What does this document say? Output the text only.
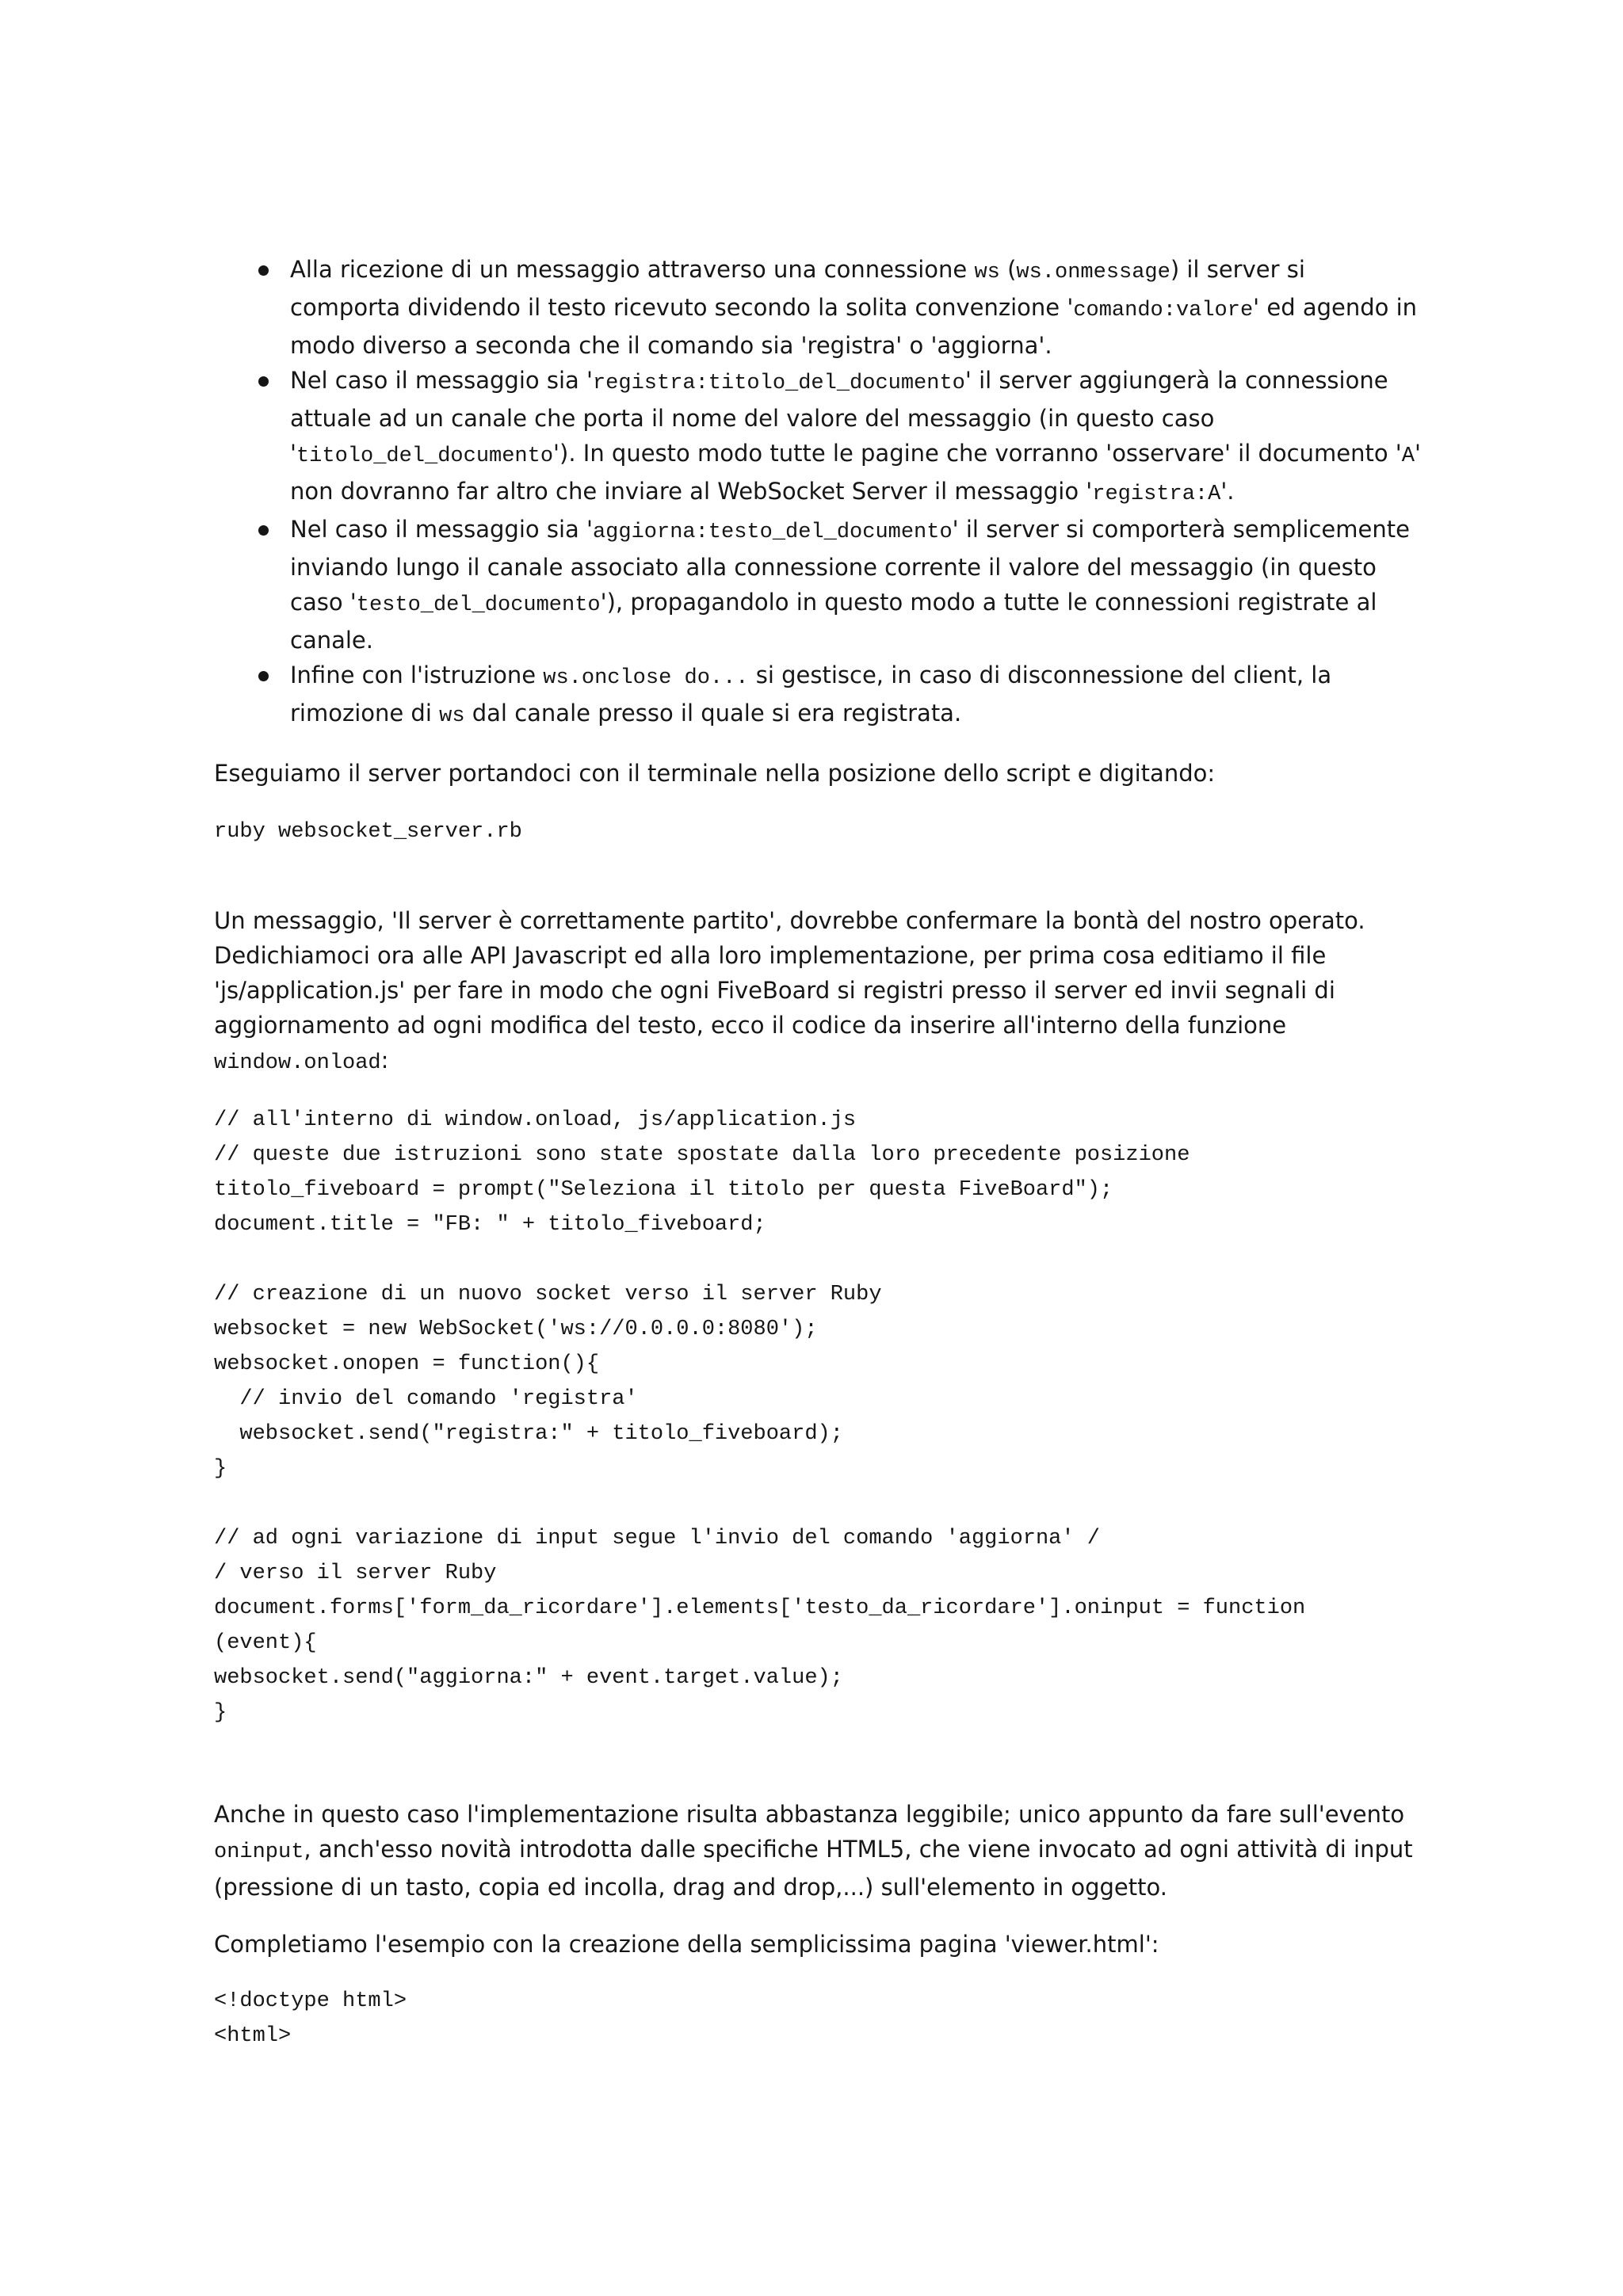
Alla ricezione di un messaggio attraverso una connessione ws (ws.onmessage) il server si comporta dividendo il testo ricevuto secondo la solita convenzione 'comando:valore' ed agendo in modo diverso a seconda che il comando sia 'registra' o 'aggiorna'.
Nel caso il messaggio sia 'registra:titolo_del_documento' il server aggiungerà la connessione attuale ad un canale che porta il nome del valore del messaggio (in questo caso 'titolo_del_documento'). In questo modo tutte le pagine che vorranno 'osservare' il documento 'A' non dovranno far altro che inviare al WebSocket Server il messaggio 'registra:A'.
Nel caso il messaggio sia 'aggiorna:testo_del_documento' il server si comporterà semplicemente inviando lungo il canale associato alla connessione corrente il valore del messaggio (in questo caso 'testo_del_documento'), propagandolo in questo modo a tutte le connessioni registrate al canale.
Infine con l'istruzione ws.onclose do... si gestisce, in caso di disconnessione del client, la rimozione di ws dal canale presso il quale si era registrata.

Eseguiamo il server portandoci con il terminale nella posizione dello script e digitando:

ruby websocket_server.rb

Un messaggio, 'Il server è correttamente partito', dovrebbe confermare la bontà del nostro operato. Dedichiamoci ora alle API Javascript ed alla loro implementazione, per prima cosa editiamo il file 'js/application.js' per fare in modo che ogni FiveBoard si registri presso il server ed invii segnali di aggiornamento ad ogni modifica del testo, ecco il codice da inserire all'interno della funzione window.onload:

// all'interno di window.onload, js/application.js
// queste due istruzioni sono state spostate dalla loro precedente posizione
titolo_fiveboard = prompt("Seleziona il titolo per questa FiveBoard");
document.title = "FB: " + titolo_fiveboard;

// creazione di un nuovo socket verso il server Ruby
websocket = new WebSocket('ws://0.0.0.0:8080');
websocket.onopen = function(){
// invio del comando 'registra'
websocket.send("registra:" + titolo_fiveboard);
}

// ad ogni variazione di input segue l'invio del comando 'aggiorna' /
/ verso il server Ruby
document.forms['form_da_ricordare'].elements['testo_da_ricordare'].oninput = function
(event){
websocket.send("aggiorna:" + event.target.value);
}

Anche in questo caso l'implementazione risulta abbastanza leggibile; unico appunto da fare sull'evento oninput, anch'esso novità introdotta dalle specifiche HTML5, che viene invocato ad ogni attività di input (pressione di un tasto, copia ed incolla, drag and drop,...) sull'elemento in oggetto.

Completiamo l'esempio con la creazione della semplicissima pagina 'viewer.html':

<!doctype html>
<html>
